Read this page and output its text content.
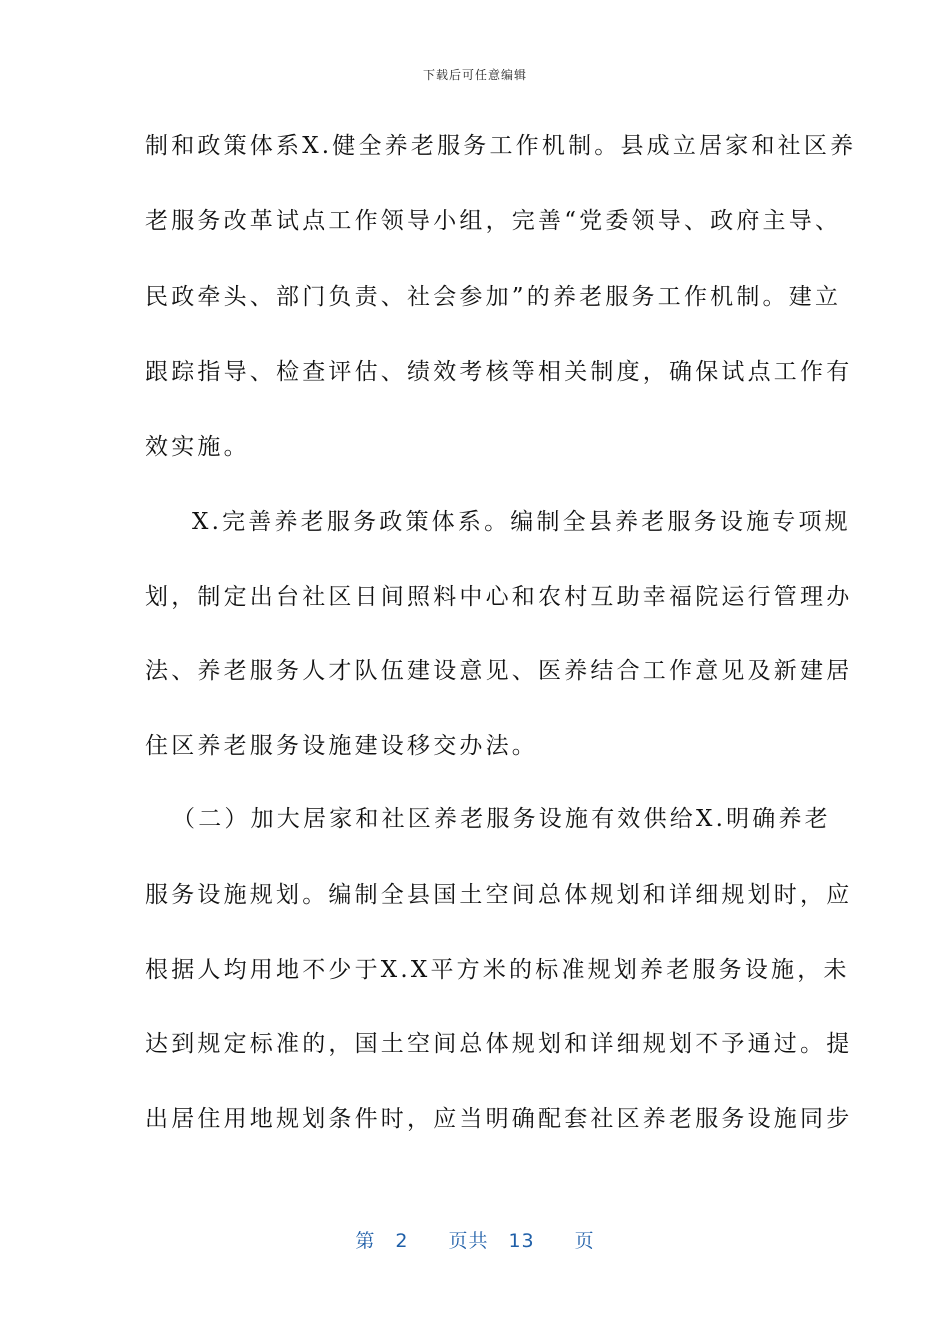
下载后可任意编辑
制和政策体系X.健全养老服务工作机制。县成立居家和社区养
老服务改革试点工作领导小组，完善“党委领导、政府主导、
民政牵头、部门负责、社会参加”的养老服务工作机制。建立
跟踪指导、检查评估、绩效考核等相关制度，确保试点工作有
效实施。
X.完善养老服务政策体系。编制全县养老服务设施专项规
划，制定出台社区日间照料中心和农村互助幸福院运行管理办
法、养老服务人才队伍建设意见、医养结合工作意见及新建居
住区养老服务设施建设移交办法。
（二）加大居家和社区养老服务设施有效供给X.明确养老
服务设施规划。编制全县国土空间总体规划和详细规划时，应
根据人均用地不少于X.X平方米的标准规划养老服务设施，未
达到规定标准的，国土空间总体规划和详细规划不予通过。提
出居住用地规划条件时，应当明确配套社区养老服务设施同步
第 2 页共 13 页
